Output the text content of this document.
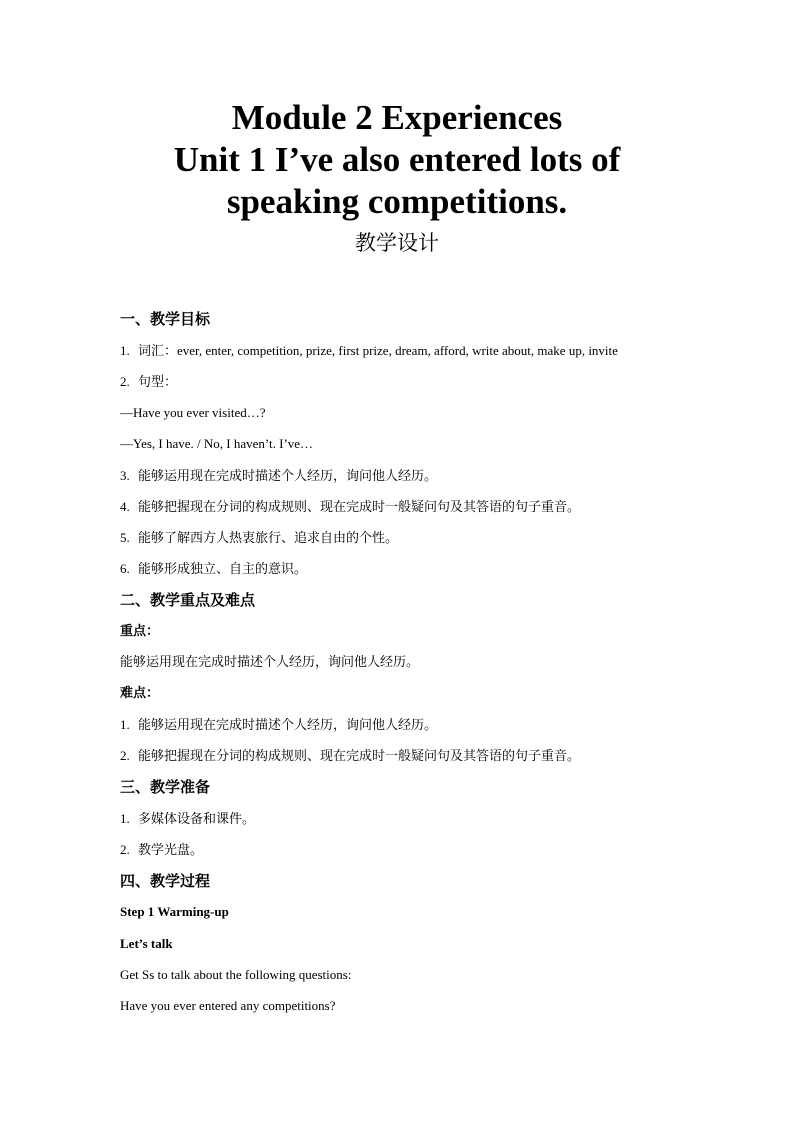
Module 2 Experiences
Unit 1 I’ve also entered lots of
speaking competitions.
教学设计
一、教学目标
1. 词汇：ever, enter, competition, prize, first prize, dream, afford, write about, make up, invite
2. 句型：
—Have you ever visited…?
—Yes, I have. / No, I haven’t. I’ve…
3. 能够运用现在完成时描述个人经历，询问他人经历。
4. 能够把握现在分词的构成规则、现在完成时一般疑问句及其答语的句子重音。
5. 能够了解西方人热衷旅行、追求自由的个性。
6. 能够形成独立、自主的意识。
二、教学重点及难点
重点：
能够运用现在完成时描述个人经历，询问他人经历。
难点：
1. 能够运用现在完成时描述个人经历，询问他人经历。
2. 能够把握现在分词的构成规则、现在完成时一般疑问句及其答语的句子重音。
三、教学准备
1. 多媒体设备和课件。
2. 教学光盘。
四、教学过程
Step 1 Warming-up
Let’s talk
Get Ss to talk about the following questions:
Have you ever entered any competitions?
